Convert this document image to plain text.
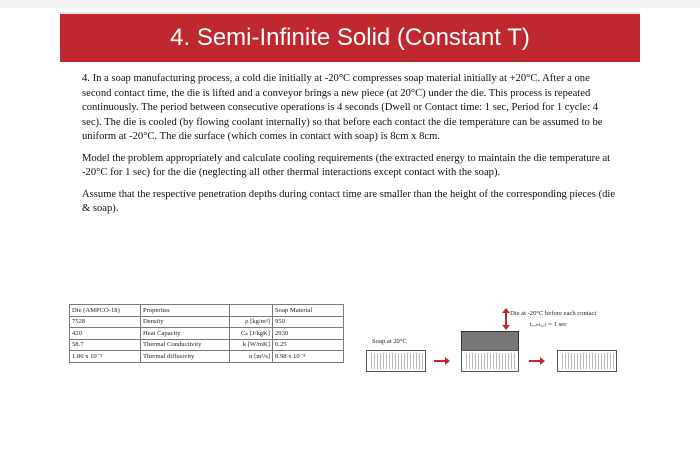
4. Semi-Infinite Solid (Constant T)

4. In a soap manufacturing process, a cold die initially at -20°C compresses soap material initially at +20°C. After a one second contact time, the die is lifted and a conveyor brings a new piece (at 20°C) under the die. This process is repeated continuously. The period between consecutive operations is 4 seconds (Dwell or Contact time: 1 sec, Period for 1 cycle: 4 sec). The die is cooled (by flowing coolant internally) so that before each contact the die temperature can be assumed to be uniform at -20°C. The die surface (which comes in contact with soap) is 8cm x 8cm.

Model the problem appropriately and calculate cooling requirements (the extracted energy to maintain the die temperature at -20°C for 1 sec) for the die (neglecting all other thermal interactions except contact with the soap).

Assume that the respective penetration depths during contact time are smaller than the height of the corresponding pieces (die & soap).

Die (AMPCO-18)	Properties		Soap Material
7528	Density	ρ [kg/m³]	950
420	Heat Capacity	Cₚ [J/kgK]	2930
58.7	Thermal Conductivity	k [W/mK]	0.25
1.86 x 10⁻⁵	Thermal diffusivity	α [m²/s]	8.98 x 10⁻⁸
Die at -20°C before each contact
t꜀ₒₙₜₐ꜀ₜ = 1 sec
Soap at 20°C
